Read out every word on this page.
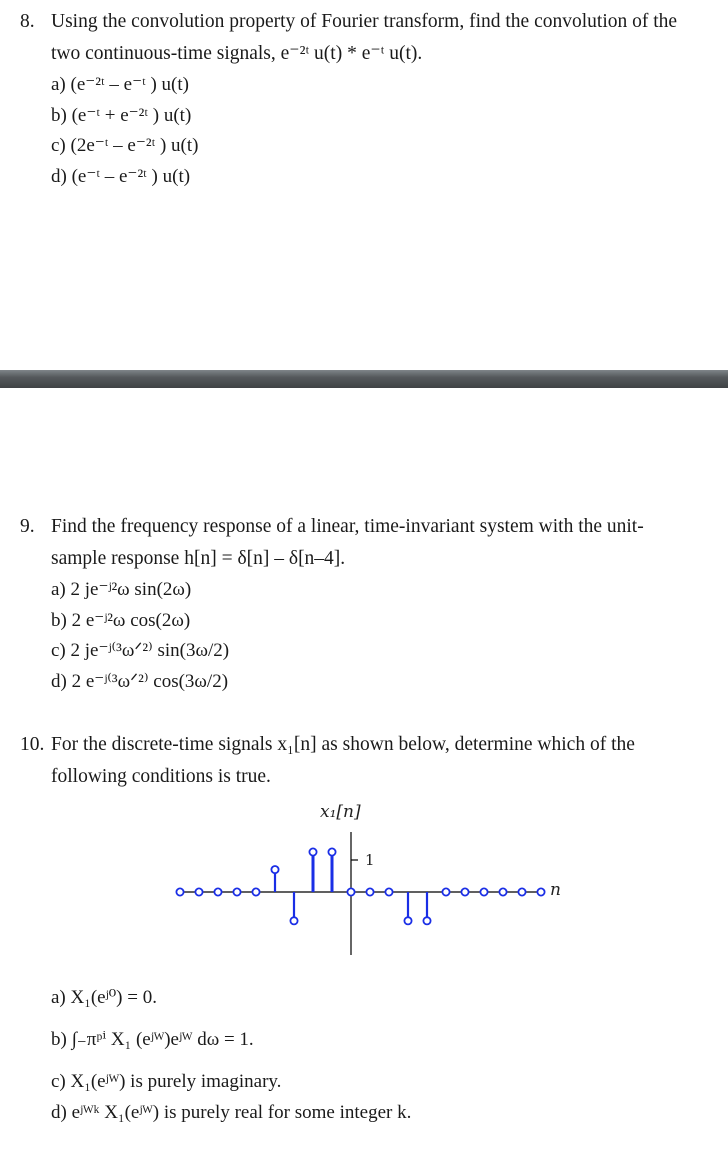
8. Using the convolution property of Fourier transform, find the convolution of the
two continuous-time signals, e⁻²ᵗ u(t) * e⁻ᵗ u(t).
a) (e⁻²ᵗ – e⁻ᵗ ) u(t)
b) (e⁻ᵗ + e⁻²ᵗ ) u(t)
c) (2e⁻ᵗ – e⁻²ᵗ ) u(t)
d) (e⁻ᵗ – e⁻²ᵗ ) u(t)
9. Find the frequency response of a linear, time-invariant system with the unit-
sample response h[n] = δ[n] – δ[n–4].
a) 2 je⁻ʲ²ω sin(2ω)
b) 2 e⁻ʲ²ω cos(2ω)
c) 2 je⁻ʲ⁽³ωᐟ²⁾ sin(3ω/2)
d) 2 e⁻ʲ⁽³ωᐟ²⁾ cos(3ω/2)
10. For the discrete-time signals x₁[n] as shown below, determine which of the
following conditions is true.
x₁[n]
1
n
a) X₁(eʲ⁰) = 0.
b) ∫₋πᵖⁱ X₁ (eʲᵂ)eʲᵂ dω = 1.
c) X₁(eʲᵂ) is purely imaginary.
d) eʲᵂᵏ X₁(eʲᵂ) is purely real for some integer k.
